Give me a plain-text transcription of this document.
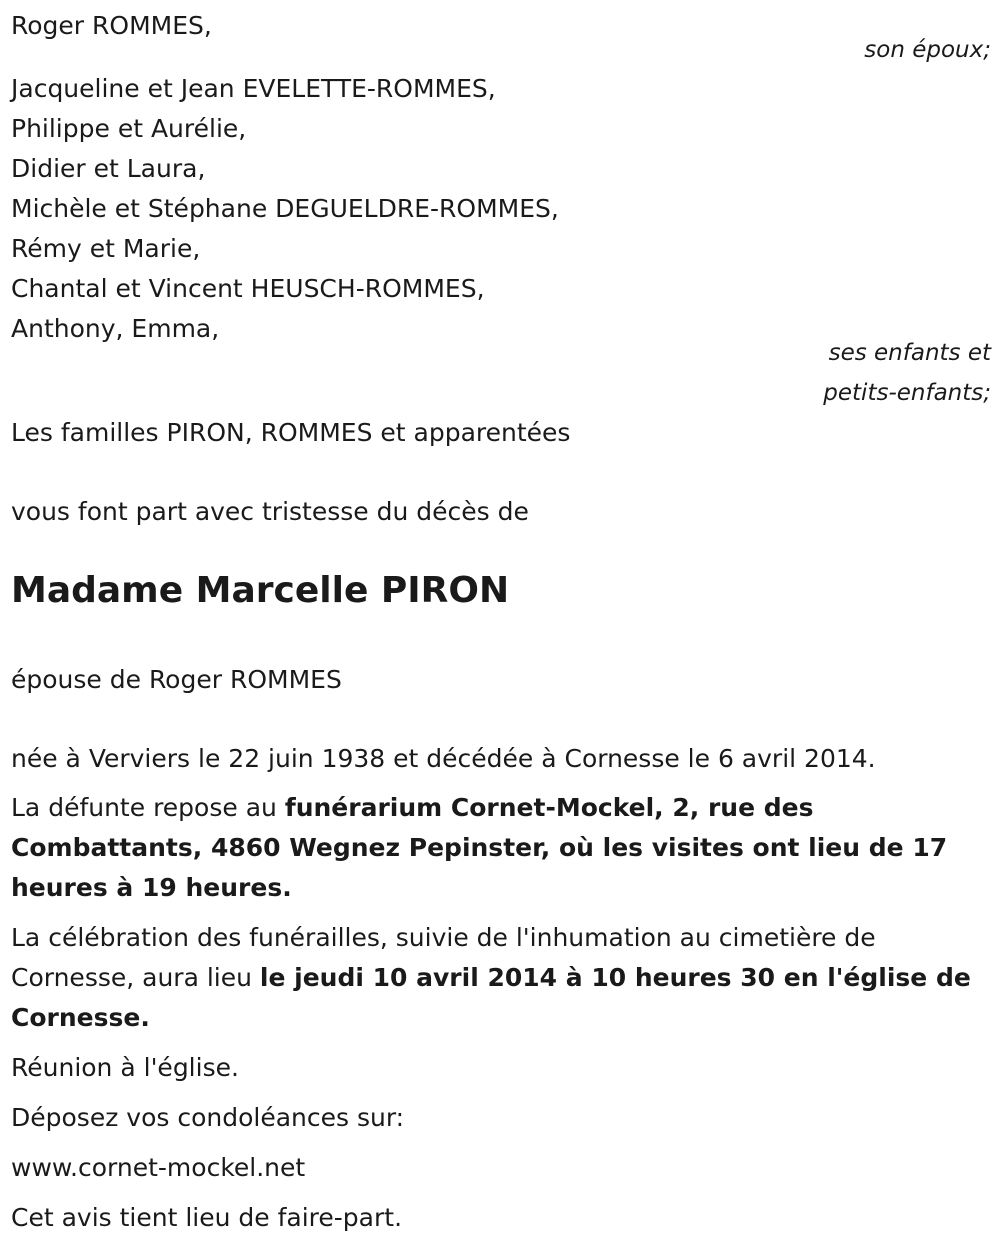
Roger ROMMES,
son époux;
Jacqueline et Jean EVELETTE-ROMMES,
Philippe et Aurélie,
Didier et Laura,
Michèle et Stéphane DEGUELDRE-ROMMES,
Rémy et Marie,
Chantal et Vincent HEUSCH-ROMMES,
Anthony, Emma,
ses enfants et
petits-enfants;
Les familles PIRON, ROMMES et apparentées
vous font part avec tristesse du décès de
Madame Marcelle PIRON
épouse de Roger ROMMES
née à Verviers le 22 juin 1938 et décédée à Cornesse le 6 avril 2014.
La défunte repose au funérarium Cornet-Mockel, 2, rue des Combattants, 4860 Wegnez Pepinster, où les visites ont lieu de 17 heures à 19 heures.
La célébration des funérailles, suivie de l'inhumation au cimetière de Cornesse, aura lieu le jeudi 10 avril 2014 à 10 heures 30 en l'église de Cornesse.
Réunion à l'église.
Déposez vos condoléances sur:
www.cornet-mockel.net
Cet avis tient lieu de faire-part.
